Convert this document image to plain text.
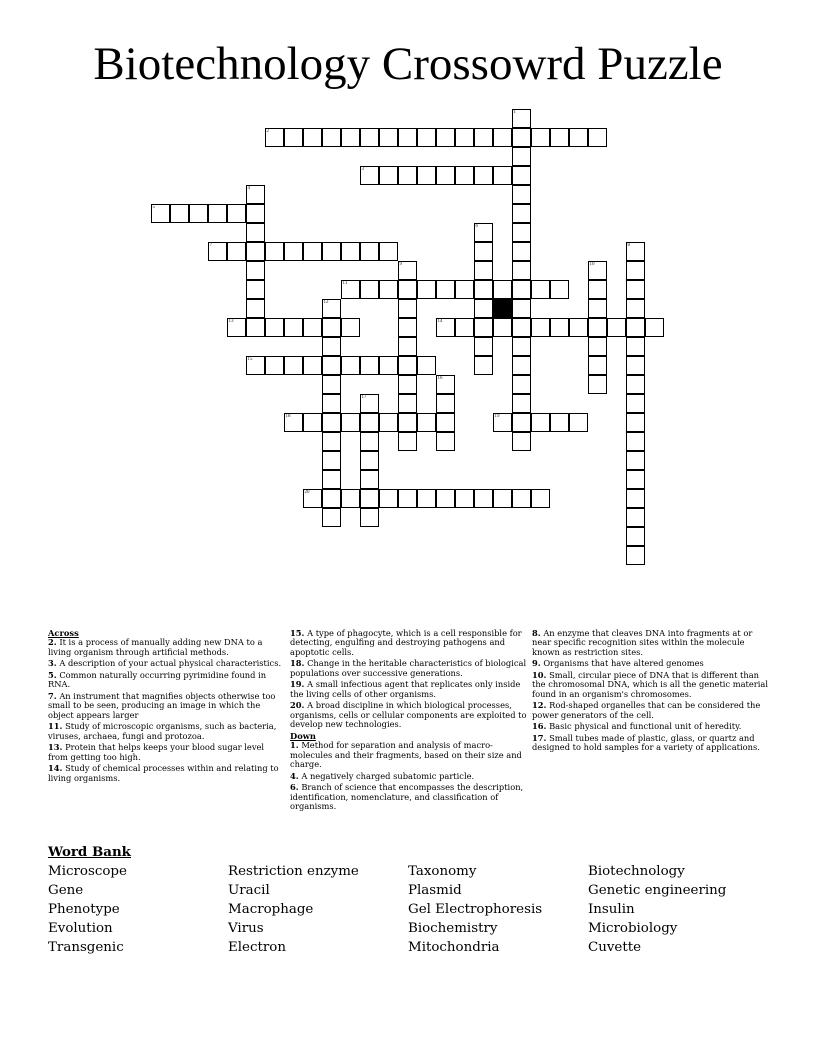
Biotechnology Crossowrd Puzzle
1
2
3
4
5
6
7	8
9	10
11
12
13	14
15
16
17
18	19
20
Across
2. It is a process of manually adding new DNA to a living organism through artificial methods.
3. A description of your actual physical characteristics.
5. Common naturally occurring pyrimidine found in RNA.
7. An instrument that magnifies objects otherwise too small to be seen, producing an image in which the object appears larger
11. Study of microscopic organisms, such as bacteria, viruses, archaea, fungi and protozoa.
13. Protein that helps keeps your blood sugar level from getting too high.
14. Study of chemical processes within and relating to living organisms.
15. A type of phagocyte, which is a cell responsible for detecting, engulfing and destroying pathogens and apoptotic cells.
18. Change in the heritable characteristics of biological populations over successive generations.
19. A small infectious agent that replicates only inside the living cells of other organisms.
20. A broad discipline in which biological processes, organisms, cells or cellular components are exploited to develop new technologies.
Down
1. Method for separation and analysis of macro-molecules and their fragments, based on their size and charge.
4. A negatively charged subatomic particle.
6. Branch of science that encompasses the description, identification, nomenclature, and classification of organisms.
8. An enzyme that cleaves DNA into fragments at or near specific recognition sites within the molecule known as restriction sites.
9. Organisms that have altered genomes
10. Small, circular piece of DNA that is different than the chromosomal DNA, which is all the genetic material found in an organism's chromosomes.
12. Rod-shaped organelles that can be considered the power generators of the cell.
16. Basic physical and functional unit of heredity.
17. Small tubes made of plastic, glass, or quartz and designed to hold samples for a variety of applications.
Word Bank
Microscope
Gene
Phenotype
Evolution
Transgenic
Restriction enzyme
Uracil
Macrophage
Virus
Electron
Taxonomy
Plasmid
Gel Electrophoresis
Biochemistry
Mitochondria
Biotechnology
Genetic engineering
Insulin
Microbiology
Cuvette
